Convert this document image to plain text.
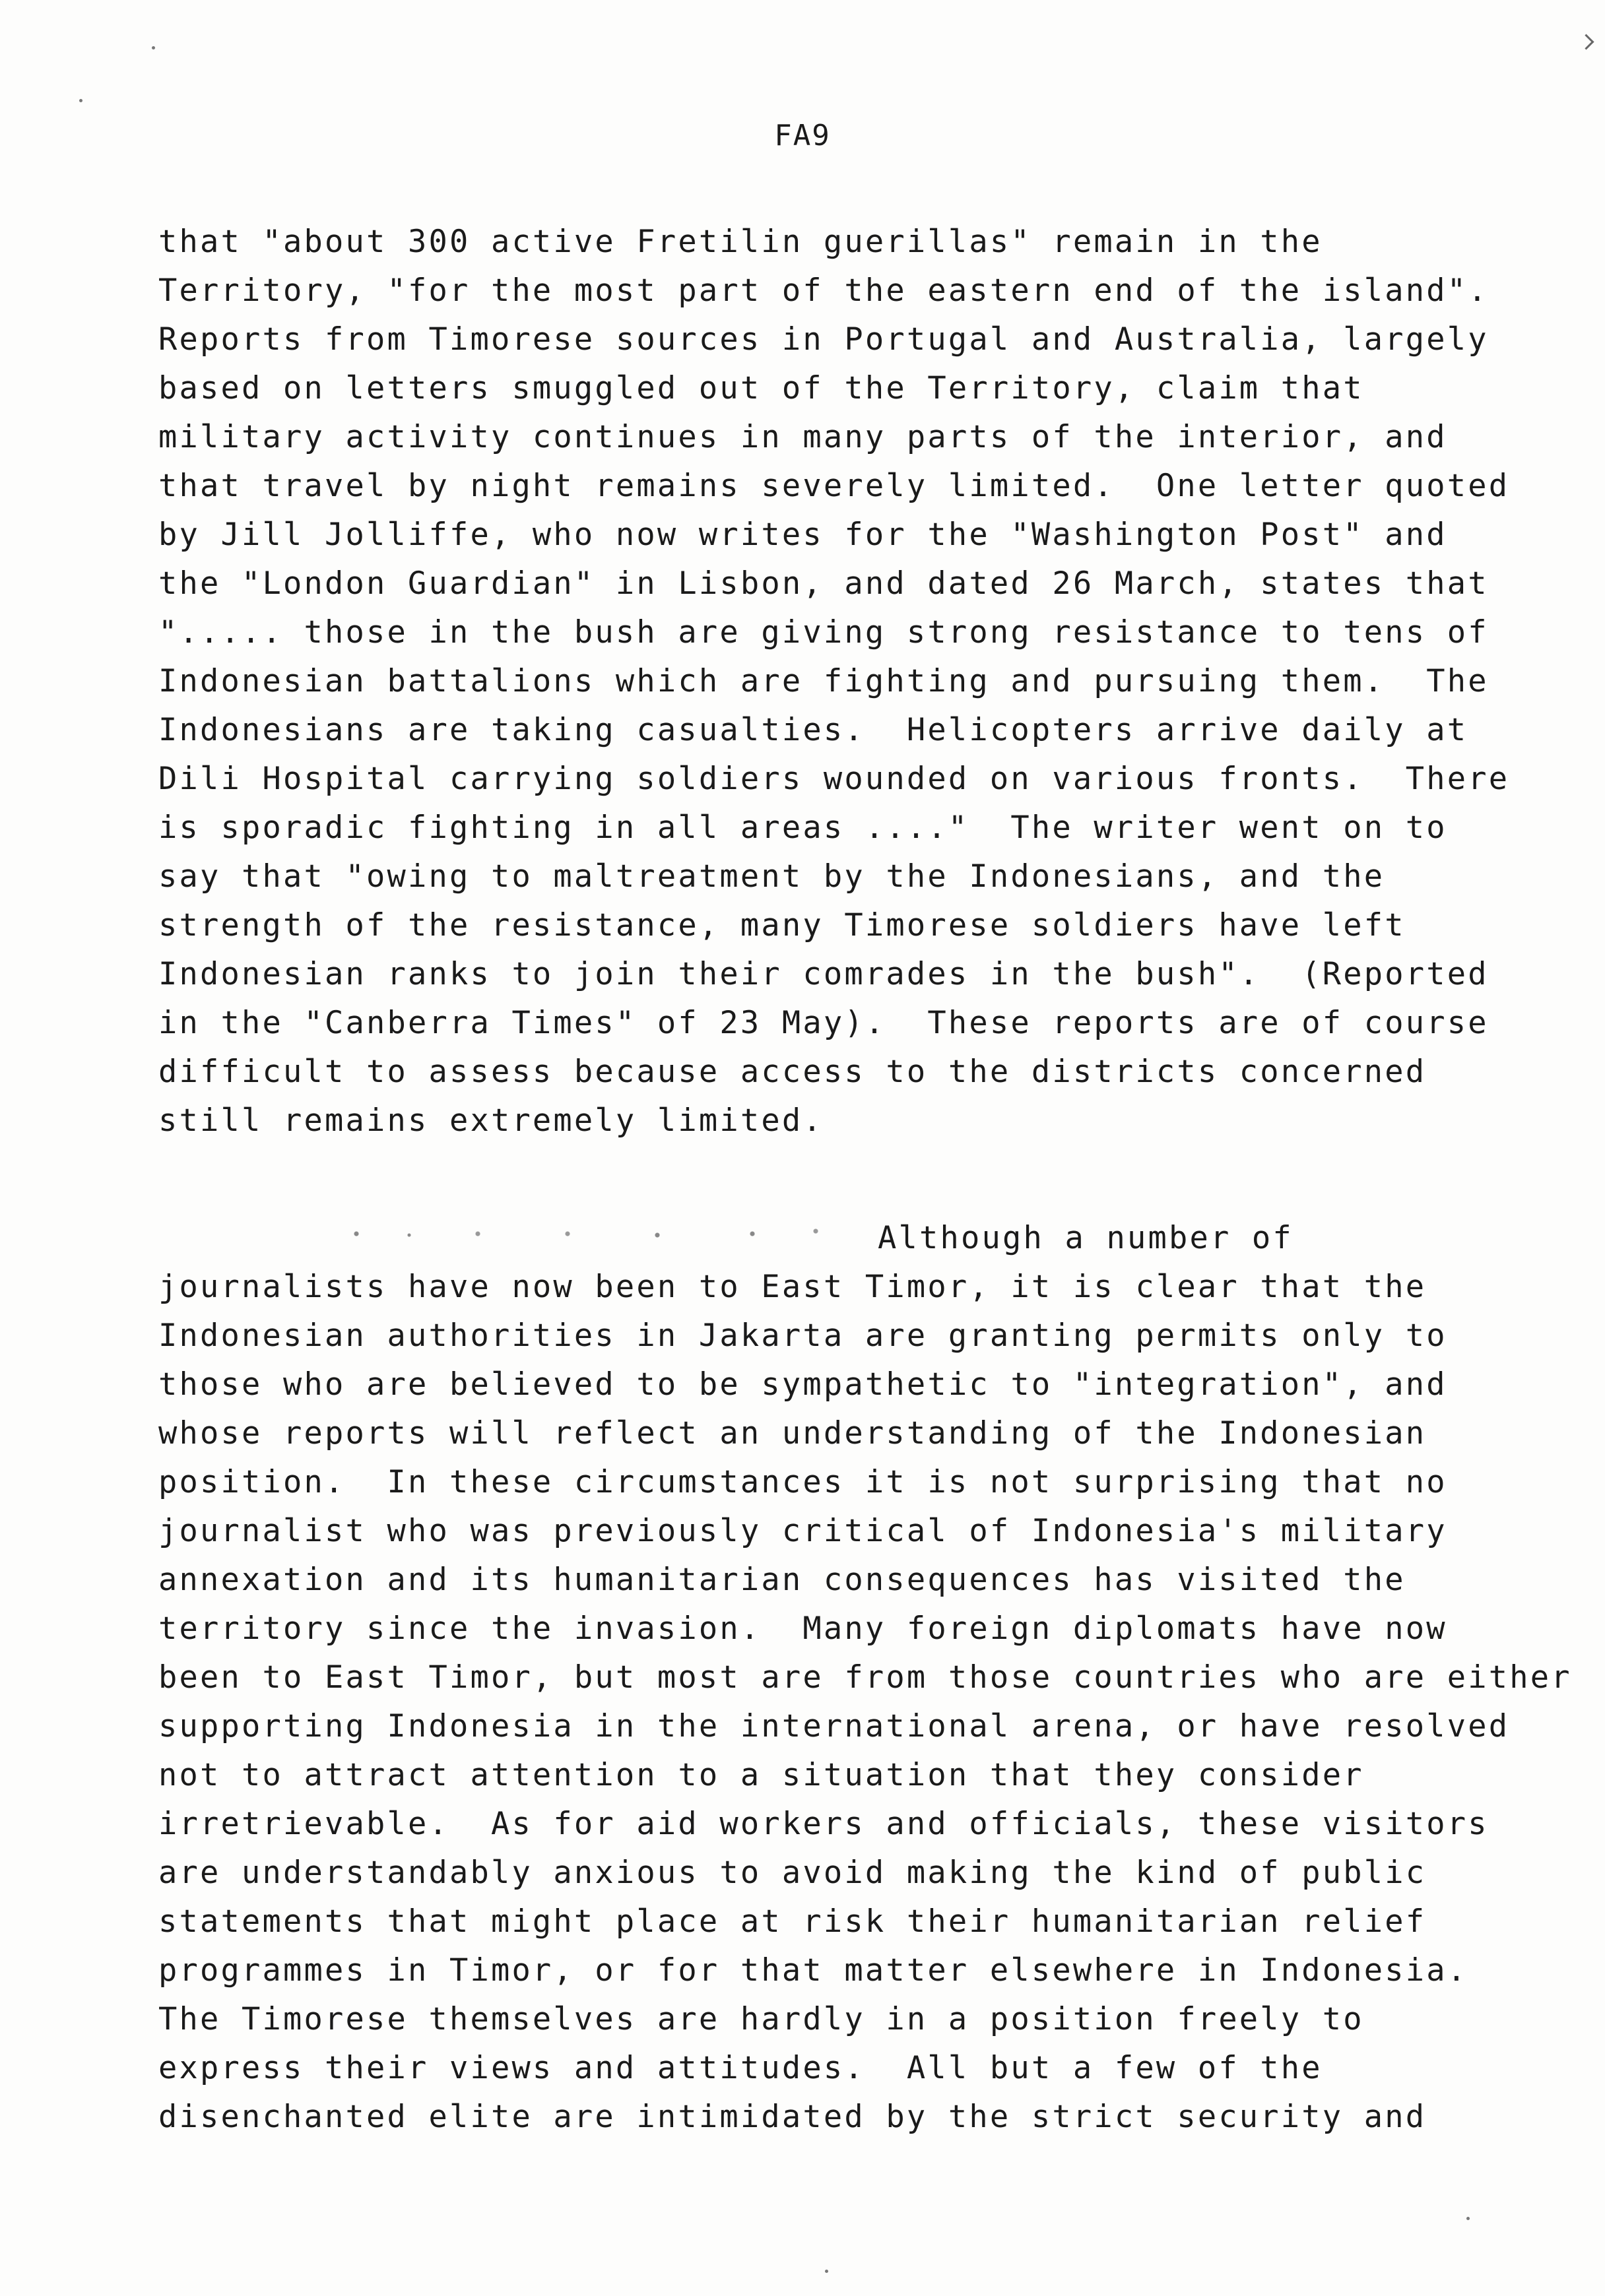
FA9
that "about 300 active Fretilin guerillas" remain in the
Territory, "for the most part of the eastern end of the island".
Reports from Timorese sources in Portugal and Australia, largely
based on letters smuggled out of the Territory, claim that
military activity continues in many parts of the interior, and
that travel by night remains severely limited.  One letter quoted
by Jill Jolliffe, who now writes for the "Washington Post" and
the "London Guardian" in Lisbon, and dated 26 March, states that
"..... those in the bush are giving strong resistance to tens of
Indonesian battalions which are fighting and pursuing them.  The
Indonesians are taking casualties.  Helicopters arrive daily at
Dili Hospital carrying soldiers wounded on various fronts.  There
is sporadic fighting in all areas ...."  The writer went on to
say that "owing to maltreatment by the Indonesians, and the
strength of the resistance, many Timorese soldiers have left
Indonesian ranks to join their comrades in the bush".  (Reported
in the "Canberra Times" of 23 May).  These reports are of course
difficult to assess because access to the districts concerned
still remains extremely limited.
Although a number of
journalists have now been to East Timor, it is clear that the
Indonesian authorities in Jakarta are granting permits only to
those who are believed to be sympathetic to "integration", and
whose reports will reflect an understanding of the Indonesian
position.  In these circumstances it is not surprising that no
journalist who was previously critical of Indonesia's military
annexation and its humanitarian consequences has visited the
territory since the invasion.  Many foreign diplomats have now
been to East Timor, but most are from those countries who are either
supporting Indonesia in the international arena, or have resolved
not to attract attention to a situation that they consider
irretrievable.  As for aid workers and officials, these visitors
are understandably anxious to avoid making the kind of public
statements that might place at risk their humanitarian relief
programmes in Timor, or for that matter elsewhere in Indonesia.
The Timorese themselves are hardly in a position freely to
express their views and attitudes.  All but a few of the
disenchanted elite are intimidated by the strict security and
